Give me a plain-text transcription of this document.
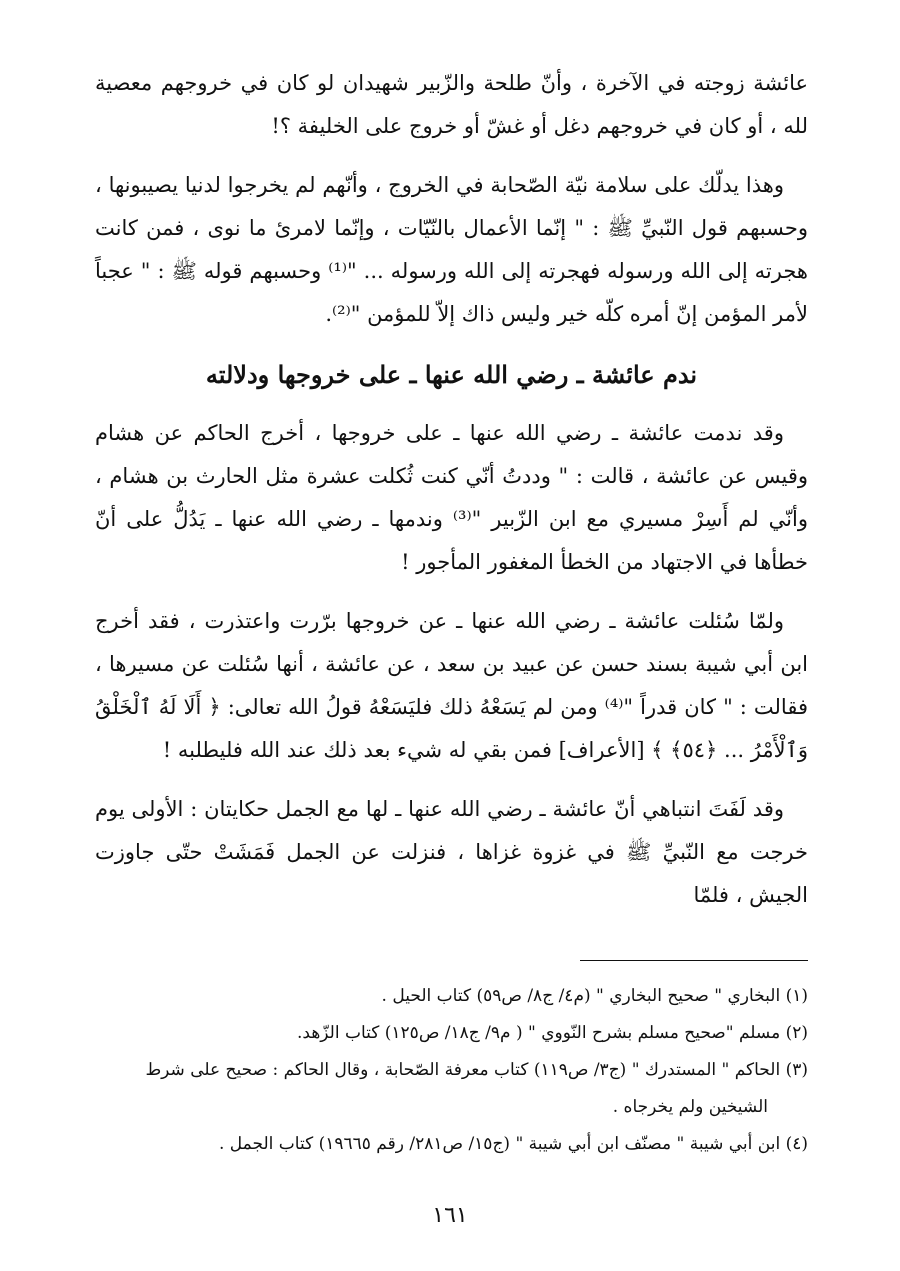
عائشة زوجته في الآخرة ، وأنّ طلحة والزّبير شهيدان لو كان في خروجهم معصية لله ، أو كان في خروجهم دغل أو غشّ أو خروج على الخليفة ؟!

وهذا يدلّك على سلامة نيّة الصّحابة في الخروج ، وأنّهم لم يخرجوا لدنيا يصيبونها ، وحسبهم قول النّبيِّ ﷺ : " إنّما الأعمال بالنّيّات ، وإنّما لامرئ ما نوى ، فمن كانت هجرته إلى الله ورسوله فهجرته إلى الله ورسوله ... "⁽¹⁾ وحسبهم قوله ﷺ : " عجباً لأمر المؤمن إنّ أمره كلّه خير وليس ذاك إلاّ للمؤمن "⁽²⁾.

ندم عائشة ـ رضي الله عنها ـ على خروجها ودلالته

وقد ندمت عائشة ـ رضي الله عنها ـ على خروجها ، أخرج الحاكم عن هشام وقيس عن عائشة ، قالت : " وددتُ أنّي كنت ثُكلت عشرة مثل الحارث بن هشام ، وأنّي لم أَسِرْ مسيري مع ابن الزّبير "⁽³⁾ وندمها ـ رضي الله عنها ـ يَدُلُّ على أنّ خطأها في الاجتهاد من الخطأ المغفور المأجور !

ولمّا سُئلت عائشة ـ رضي الله عنها ـ عن خروجها برّرت واعتذرت ، فقد أخرج ابن أبي شيبة بسند حسن عن عبيد بن سعد ، عن عائشة ، أنها سُئلت عن مسيرها ، فقالت : " كان قدراً "⁽⁴⁾ ومن لم يَسَعْهُ ذلك فليَسَعْهُ قولُ الله تعالى: ﴿ أَلَا لَهُ ٱلْخَلْقُ وَٱلْأَمْرُ ... ﴿٥٤﴾ ﴾ [الأعراف] فمن بقي له شيء بعد ذلك عند الله فليطلبه !

وقد لَفَتَ انتباهي أنّ عائشة ـ رضي الله عنها ـ لها مع الجمل حكايتان : الأولى يوم خرجت مع النّبيِّ ﷺ في غزوة غزاها ، فنزلت عن الجمل فَمَشَتْ حتّى جاوزت الجيش ، فلمّا

(١) البخاري " صحيح البخاري " (م٤/ ج٨/ ص٥٩) كتاب الحيل .
(٢) مسلم "صحيح مسلم بشرح النّووي " ( م٩/ ج١٨/ ص١٢٥) كتاب الزّهد.
(٣) الحاكم " المستدرك " (ج٣/ ص١١٩) كتاب معرفة الصّحابة ، وقال الحاكم : صحيح على شرط
الشيخين ولم يخرجاه .
(٤) ابن أبي شيبة " مصنّف ابن أبي شيبة " (ج١٥/ ص٢٨١/ رقم ١٩٦٦٥) كتاب الجمل .
١٦١
